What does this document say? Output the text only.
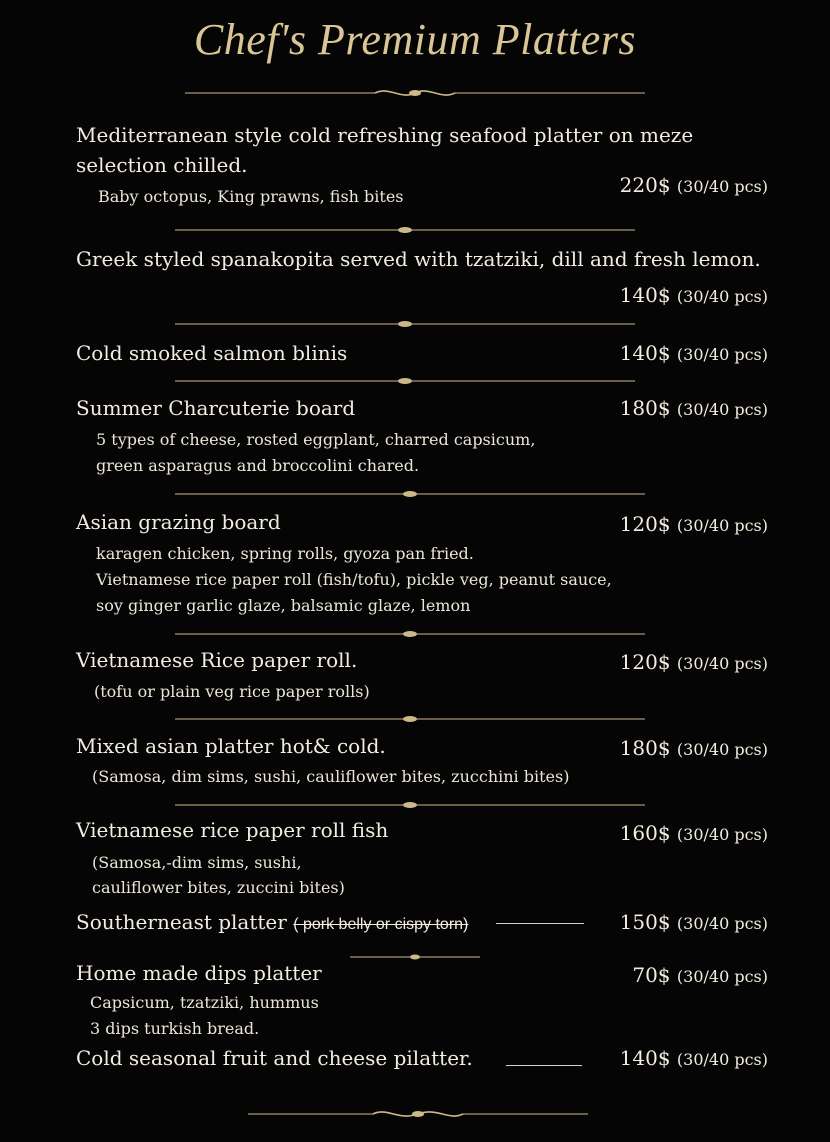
Chef's Premium Platters
Mediterranean style cold refreshing seafood platter on meze selection chilled.
220$ (30/40 pcs)
Baby octopus, King prawns, fish bites
Greek styled spanakopita served with tzatziki, dill and fresh lemon.
140$ (30/40 pcs)
Cold smoked salmon blinis	140$ (30/40 pcs)
Summer Charcuterie board	180$ (30/40 pcs)
5 types of cheese, rosted eggplant, charred capsicum,
green asparagus and broccolini chared.
Asian grazing board	120$ (30/40 pcs)
karagen chicken, spring rolls, gyoza pan fried.
Vietnamese rice paper roll (fish/tofu), pickle veg, peanut sauce,
soy ginger garlic glaze, balsamic glaze, lemon
Vietnamese Rice paper roll.	120$ (30/40 pcs)
(tofu or plain veg rice paper rolls)
Mixed asian platter hot& cold.	180$ (30/40 pcs)
(Samosa, dim sims, sushi, cauliflower bites, zucchini bites)
Vietnamese rice paper roll fish	160$ (30/40 pcs)
(Samosa,-dim sims, sushi,
cauliflower bites, zuccini bites)
Southerneast platter ( pork belly or cispy torn)	150$ (30/40 pcs)
Home made dips platter	70$ (30/40 pcs)
Capsicum, tzatziki, hummus
3 dips turkish bread.
Cold seasonal fruit and cheese pilatter.	140$ (30/40 pcs)
